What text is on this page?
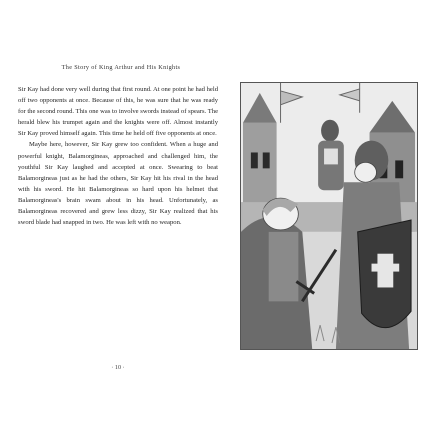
The Story of King Arthur and His Knights

Sir Kay had done very well during that first round. At one point he had held off two opponents at once. Because of this, he was sure that he was ready for the second round. This one was to involve swords instead of spears. The herald blew his trumpet again and the knights were off. Almost instantly Sir Kay proved himself again. This time he held off five opponents at once.

Maybe here, however, Sir Kay grew too confident. When a huge and powerful knight, Balamorgineas, approached and challenged him, the youthful Sir Kay laughed and accepted at once. Swearing to beat Balamorgineas just as he had the others, Sir Kay hit his rival in the head with his sword. He hit Balamorgineas so hard upon his helmet that Balamorgineas's brain swam about in his head. Unfortunately, as Balamorgineas recovered and grew less dizzy, Sir Kay realized that his sword blade had snapped in two. He was left with no weapon.

· 10 ·
